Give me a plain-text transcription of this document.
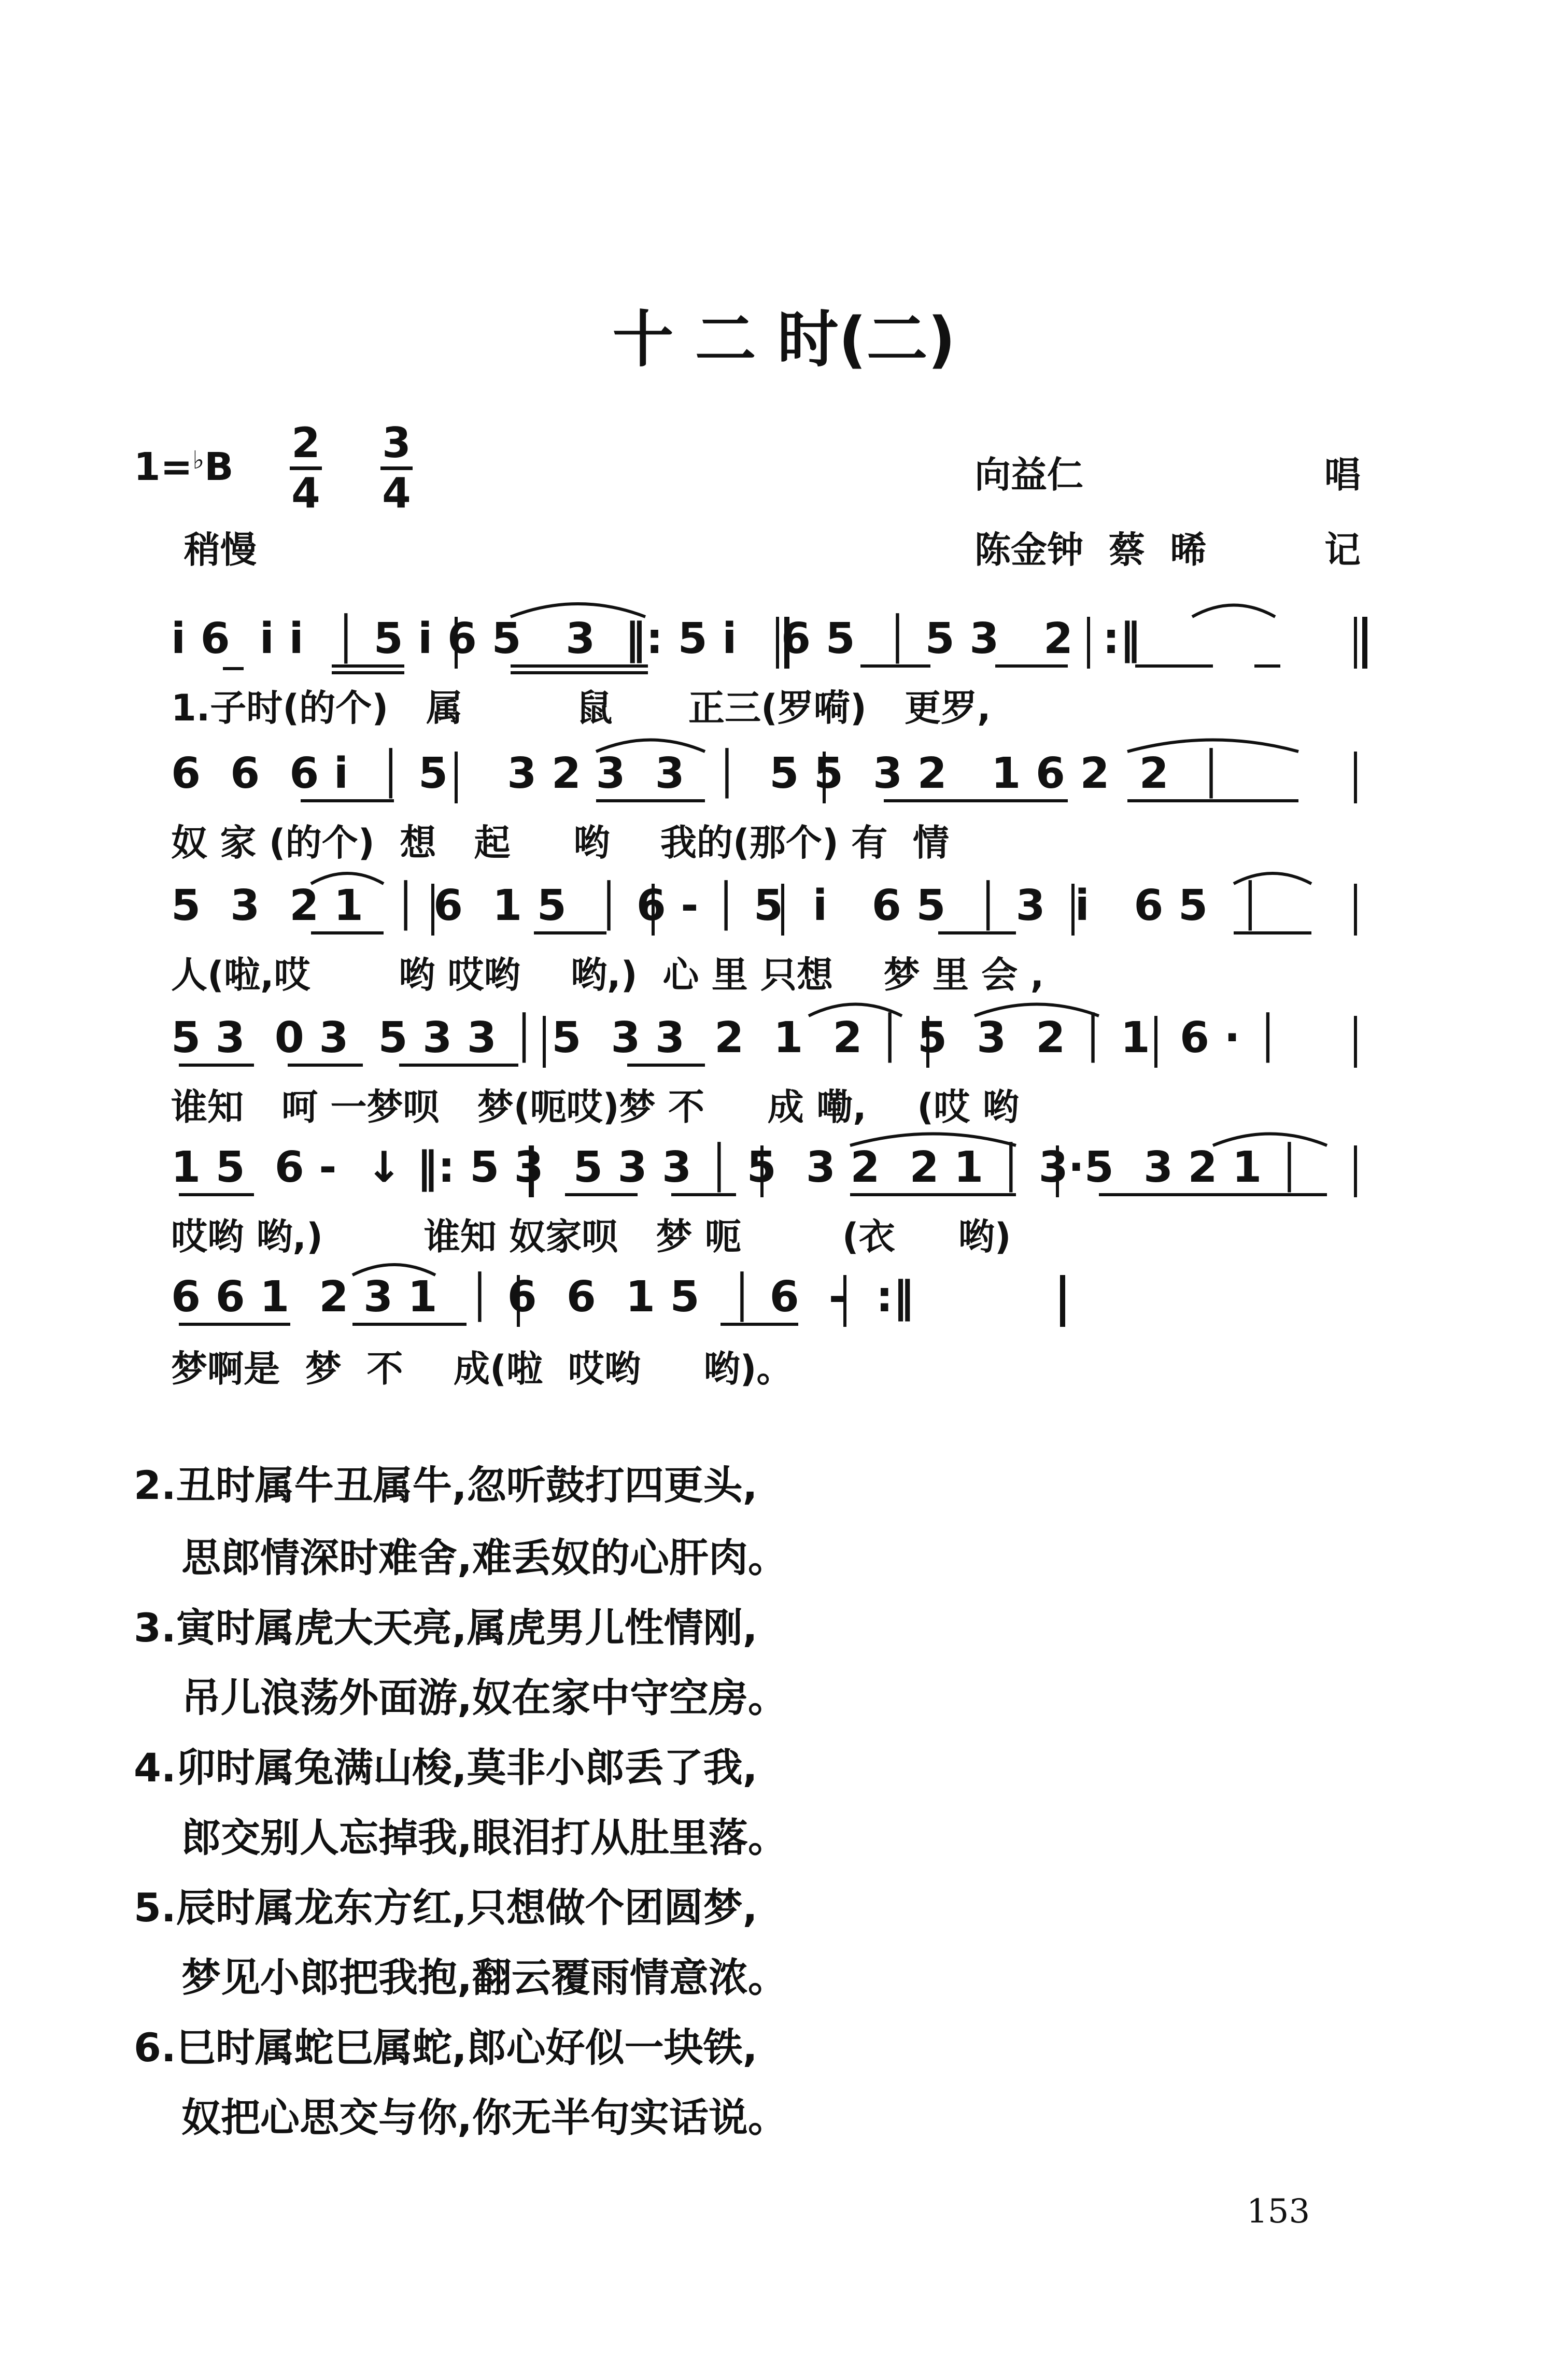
十 二 时(二)
1=♭B 2
4
3
4
稍慢
向益仁	唱
陈金钟  蔡  晞	记
i 6  i i  │ 5 i 6 5   3  ‖: 5 i   6 5  │ 5 3   2  :‖
1.子时(的个)   属         鼠      正三(罗嗬)   更罗,
6  6  6 i  │ 5    3 2 3  3  │  5 5  3 2   1 6 2  2  │
奴 家 (的个)  想   起     哟    我的(那个) 有  情
5  3  2 1  │ 6  1 5  │ 6 - │ 5  i   6 5  │ 3  i   6 5  │
人(啦,哎       哟 哎哟    哟,)  心 里 只想    梦 里 会 ,
5 3  0 3  5 3 3 │ 5  3 3  2  1  2 │ 5  3  2 │ 1  6 · │
谁知   呵 一梦呗   梦(呃哎)梦 不     成 嘞,    (哎 哟
1 5  6 -  ↓ ‖: 5 3  5 3 3 │ 5  3 2  2 1 │ 3·5  3 2 1 │
哎哟 哟,)        谁知 奴家呗   梦 呃        (衣     哟)
6 6 1  2 3 1  │ 6  6  1 5  │ 6  -  :‖
梦啊是  梦  不    成(啦  哎哟     哟)。
2.丑时属牛丑属牛,忽听鼓打四更头,
思郎情深时难舍,难丢奴的心肝肉。
3.寅时属虎大天亮,属虎男儿性情刚,
吊儿浪荡外面游,奴在家中守空房。
4.卯时属兔满山梭,莫非小郎丢了我,
郎交别人忘掉我,眼泪打从肚里落。
5.辰时属龙东方红,只想做个团圆梦,
梦见小郎把我抱,翻云覆雨情意浓。
6.巳时属蛇巳属蛇,郎心好似一块铁,
奴把心思交与你,你无半句实话说。
153
